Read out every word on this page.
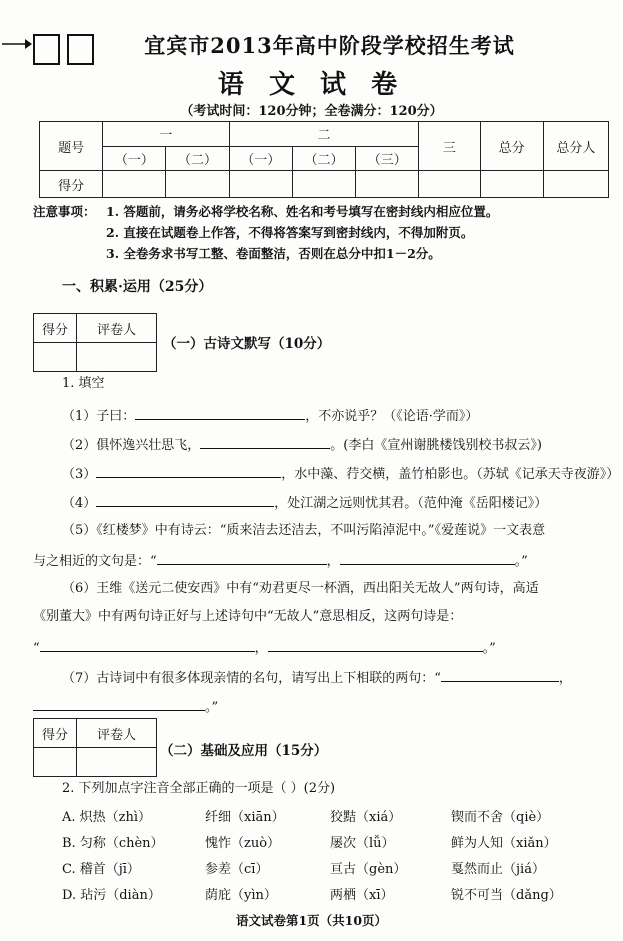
宜宾市2013年高中阶段学校招生考试
语 文 试 卷
（考试时间：120分钟；全卷满分：120分）
题号	一		二			三	总分	总分人
	（一）	（二）	（一）	（二）	（三）			
得分								
注意事项： 1. 答题前，请务必将学校名称、姓名和考号填写在密封线内相应位置。
2. 直接在试题卷上作答，不得将答案写到密封线内，不得加附页。
3. 全卷务求书写工整、卷面整洁，否则在总分中扣1－2分。
一、积累·运用（25分）
得分	评卷人

（一）古诗文默写（10分）
1. 填空
（1）子曰：	，不亦说乎？（《论语·学而》）
（2）俱怀逸兴壮思飞，	。(李白《宣州谢朓楼饯别校书叔云》)
（3）	，水中藻、荇交横，盖竹柏影也。（苏轼《记承天寺夜游》）
（4）	，处江湖之远则忧其君。（范仲淹《岳阳楼记》）
（5）《红楼梦》中有诗云：“质来洁去还洁去，不叫污陷淖泥中。”《爱莲说》一文表意
与之相近的文句是：“	，	。”
（6）王维《送元二使安西》中有“劝君更尽一杯酒，西出阳关无故人”两句诗，高适
《别董大》中有两句诗正好与上述诗句中“无故人”意思相反，这两句诗是：
“	，	。”
（7）古诗词中有很多体现亲情的名句，请写出上下相联的两句：“	，
。”
得分	评卷人

（二）基础及应用（15分）
2. 下列加点字注音全部正确的一项是（ ）(2分)
A. 炽热（zhì）	纤细（xiān）	狡黠（xiá）	锲而不舍（qiè）
B. 匀称（chèn）	愧怍（zuò）	屡次（lǚ）	鲜为人知（xiǎn）
C. 稽首（jī）	参差（cī）	亘古（gèn）	戛然而止（jiá）
D. 玷污（diàn）	荫庇（yìn）	两栖（xī）	锐不可当（dǎng）
语文试卷第1页（共10页）
